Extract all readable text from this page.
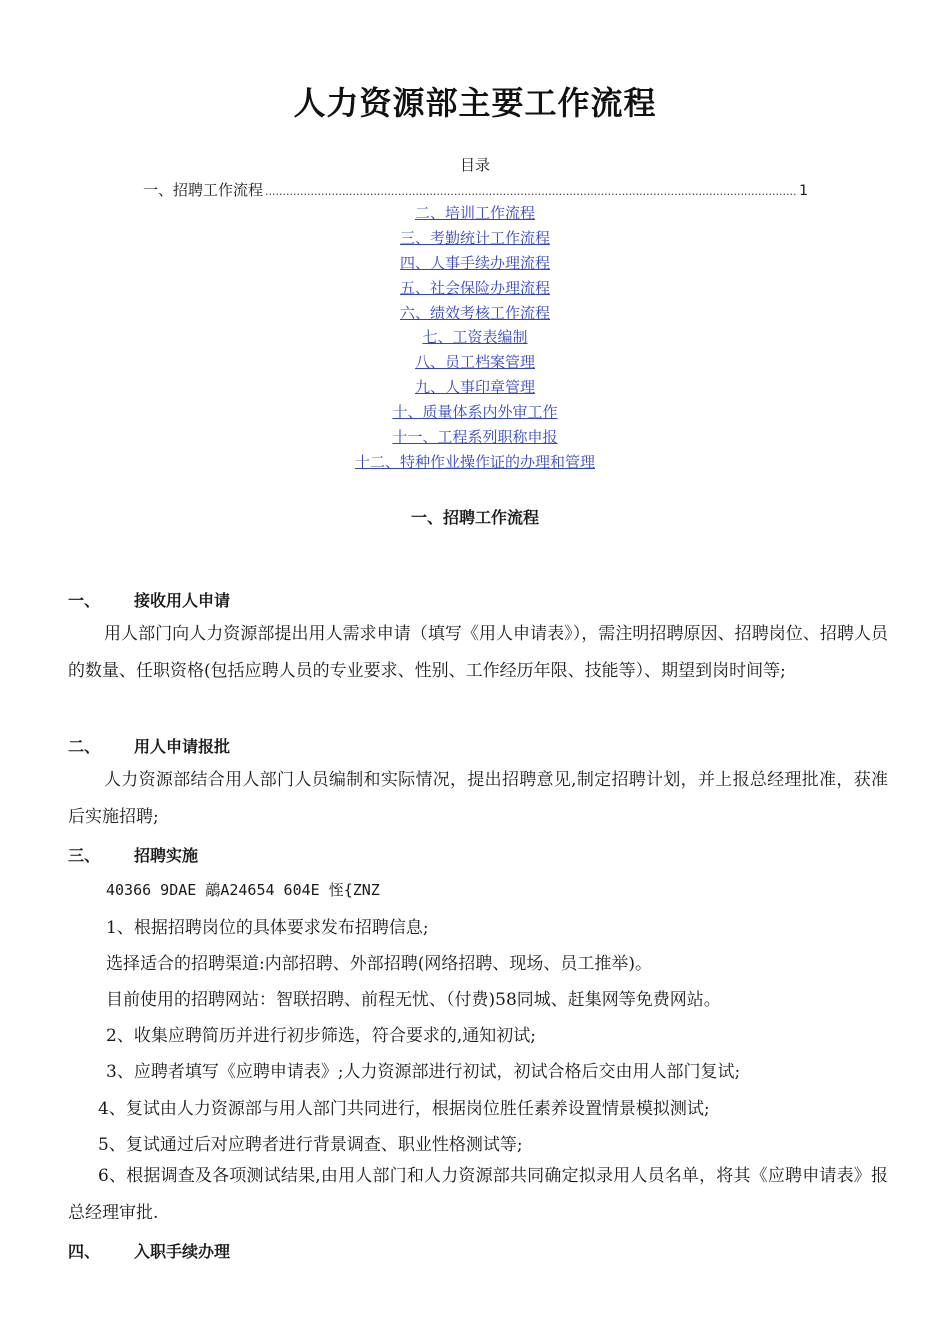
人力资源部主要工作流程
目录
一、招聘工作流程
.....	1
二、培训工作流程
三、考勤统计工作流程
四、人事手续办理流程
五、社会保险办理流程
六、绩效考核工作流程
七、工资表编制
八、员工档案管理
九、人事印章管理
十、质量体系内外审工作
十一、工程系列职称申报
十二、特种作业操作证的办理和管理
一、招聘工作流程
一、 接收用人申请

用人部门向人力资源部提出用人需求申请（填写《用人申请表》），需注明招聘原因、招聘岗位、招聘人员的数量、任职资格(包括应聘人员的专业要求、性别、工作经历年限、技能等）、期望到岗时间等;

二、 用人申请报批

人力资源部结合用人部门人员编制和实际情况，提出招聘意见,制定招聘计划，并上报总经理批准，获准后实施招聘;

三、 招聘实施
40366 9DAE 鶮A24654 604E 恎{ZNZ
1、根据招聘岗位的具体要求发布招聘信息;
选择适合的招聘渠道:内部招聘、外部招聘(网络招聘、现场、员工推举)。
目前使用的招聘网站：智联招聘、前程无忧、（付费)58同城、赶集网等免费网站。
2、收集应聘简历并进行初步筛选，符合要求的,通知初试;
3、应聘者填写《应聘申请表》;人力资源部进行初试，初试合格后交由用人部门复试;
4、复试由人力资源部与用人部门共同进行，根据岗位胜任素养设置情景模拟测试;
5、复试通过后对应聘者进行背景调查、职业性格测试等;

6、根据调查及各项测试结果,由用人部门和人力资源部共同确定拟录用人员名单，将其《应聘申请表》报总经理审批.

四、 入职手续办理
